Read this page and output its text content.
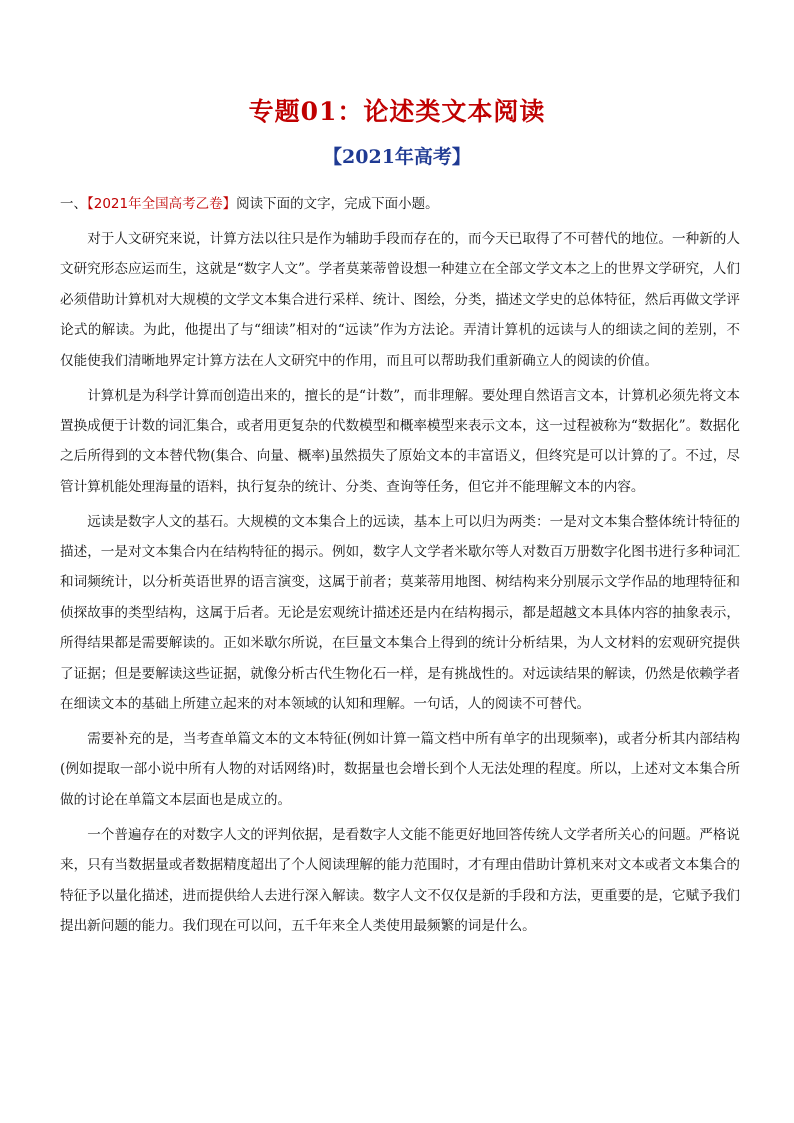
专题01：论述类文本阅读
【2021年高考】
一、【2021年全国高考乙卷】阅读下面的文字，完成下面小题。

对于人文研究来说，计算方法以往只是作为辅助手段而存在的，而今天已取得了不可替代的地位。一种新的人文研究形态应运而生，这就是“数字人文”。学者莫莱蒂曾设想一种建立在全部文学文本之上的世界文学研究，人们必须借助计算机对大规模的文学文本集合进行采样、统计、图绘，分类，描述文学史的总体特征，然后再做文学评论式的解读。为此，他提出了与“细读”相对的“远读”作为方法论。弄清计算机的远读与人的细读之间的差别，不仅能使我们清晰地界定计算方法在人文研究中的作用，而且可以帮助我们重新确立人的阅读的价值。

计算机是为科学计算而创造出来的，擅长的是“计数”，而非理解。要处理自然语言文本，计算机必须先将文本置换成便于计数的词汇集合，或者用更复杂的代数模型和概率模型来表示文本，这一过程被称为“数据化”。数据化之后所得到的文本替代物(集合、向量、概率)虽然损失了原始文本的丰富语义，但终究是可以计算的了。不过，尽管计算机能处理海量的语料，执行复杂的统计、分类、查询等任务，但它并不能理解文本的内容。

远读是数字人文的基石。大规模的文本集合上的远读，基本上可以归为两类：一是对文本集合整体统计特征的描述，一是对文本集合内在结构特征的揭示。例如，数字人文学者米歇尔等人对数百万册数字化图书进行多种词汇和词频统计，以分析英语世界的语言演变，这属于前者；莫莱蒂用地图、树结构来分别展示文学作品的地理特征和侦探故事的类型结构，这属于后者。无论是宏观统计描述还是内在结构揭示，都是超越文本具体内容的抽象表示，所得结果都是需要解读的。正如米歇尔所说，在巨量文本集合上得到的统计分析结果，为人文材料的宏观研究提供了证据；但是要解读这些证据，就像分析古代生物化石一样，是有挑战性的。对远读结果的解读，仍然是依赖学者在细读文本的基础上所建立起来的对本领域的认知和理解。一句话，人的阅读不可替代。

需要补充的是，当考查单篇文本的文本特征(例如计算一篇文档中所有单字的出现频率)，或者分析其内部结构(例如提取一部小说中所有人物的对话网络)时，数据量也会增长到个人无法处理的程度。所以，上述对文本集合所做的讨论在单篇文本层面也是成立的。

一个普遍存在的对数字人文的评判依据，是看数字人文能不能更好地回答传统人文学者所关心的问题。严格说来，只有当数据量或者数据精度超出了个人阅读理解的能力范围时，才有理由借助计算机来对文本或者文本集合的特征予以量化描述，进而提供给人去进行深入解读。数字人文不仅仅是新的手段和方法，更重要的是，它赋予我们提出新问题的能力。我们现在可以问，五千年来全人类使用最频繁的词是什么。
